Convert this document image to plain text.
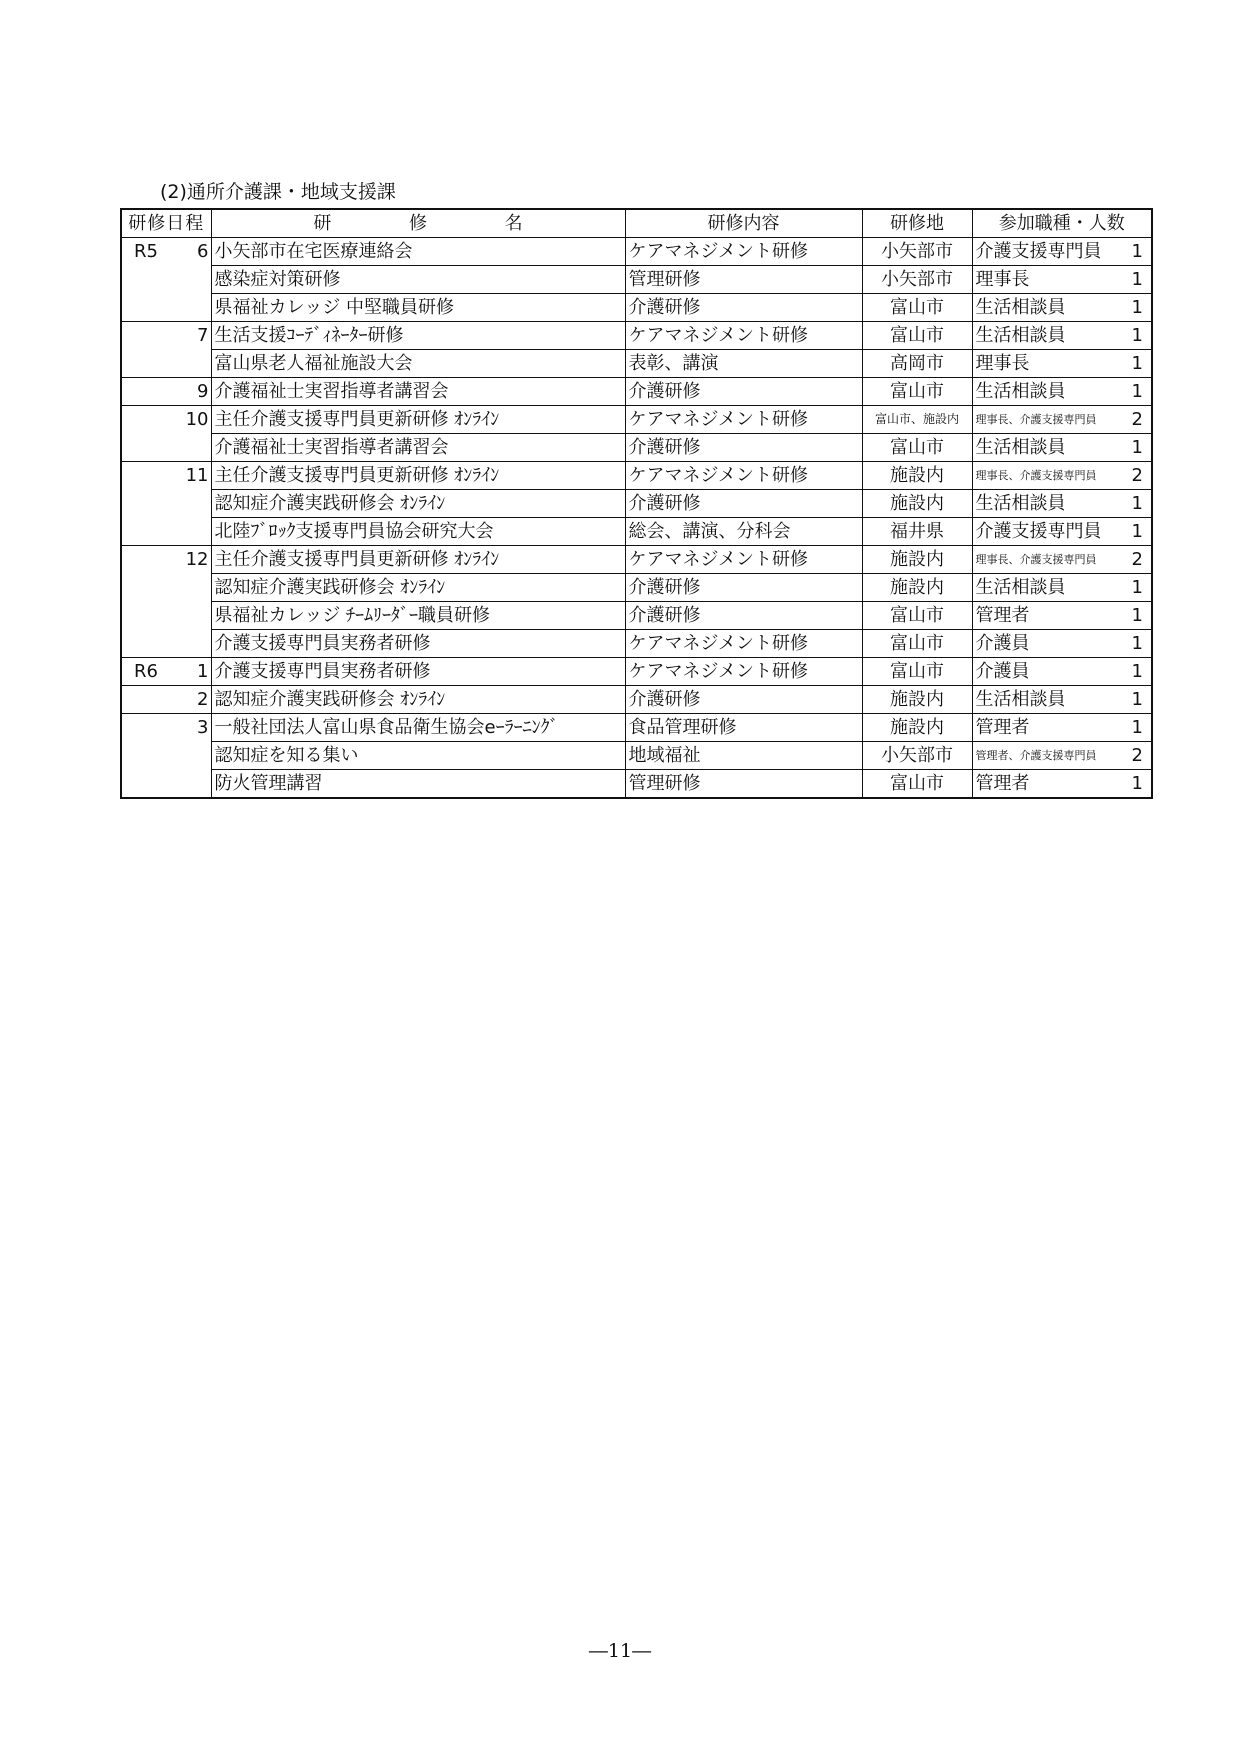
(2)通所介護課・地域支援課
研修日程		研 修 名	研修内容	研修地	参加職種・人数	
R5	6	小矢部市在宅医療連絡会	ケアマネジメント研修	小矢部市	介護支援専門員	1
		感染症対策研修	管理研修	小矢部市	理事長	1
		県福祉カレッジ 中堅職員研修	介護研修	富山市	生活相談員	1
	7	生活支援ｺｰﾃﾞｨﾈｰﾀｰ研修	ケアマネジメント研修	富山市	生活相談員	1
		富山県老人福祉施設大会	表彰、講演	高岡市	理事長	1
	9	介護福祉士実習指導者講習会	介護研修	富山市	生活相談員	1
	10	主任介護支援専門員更新研修 ｵﾝﾗｲﾝ	ケアマネジメント研修	富山市、施設内	理事長、介護支援専門員	2
		介護福祉士実習指導者講習会	介護研修	富山市	生活相談員	1
	11	主任介護支援専門員更新研修 ｵﾝﾗｲﾝ	ケアマネジメント研修	施設内	理事長、介護支援専門員	2
		認知症介護実践研修会 ｵﾝﾗｲﾝ	介護研修	施設内	生活相談員	1
		北陸ﾌﾞﾛｯｸ支援専門員協会研究大会	総会、講演、分科会	福井県	介護支援専門員	1
	12	主任介護支援専門員更新研修 ｵﾝﾗｲﾝ	ケアマネジメント研修	施設内	理事長、介護支援専門員	2
		認知症介護実践研修会 ｵﾝﾗｲﾝ	介護研修	施設内	生活相談員	1
		県福祉カレッジ ﾁｰﾑﾘｰﾀﾞｰ職員研修	介護研修	富山市	管理者	1
		介護支援専門員実務者研修	ケアマネジメント研修	富山市	介護員	1
R6	1	介護支援専門員実務者研修	ケアマネジメント研修	富山市	介護員	1
	2	認知症介護実践研修会 ｵﾝﾗｲﾝ	介護研修	施設内	生活相談員	1
	3	一般社団法人富山県食品衛生協会eｰﾗｰﾆﾝｸﾞ	食品管理研修	施設内	管理者	1
		認知症を知る集い	地域福祉	小矢部市	管理者、介護支援専門員	2
		防火管理講習	管理研修	富山市	管理者	1
―11―
